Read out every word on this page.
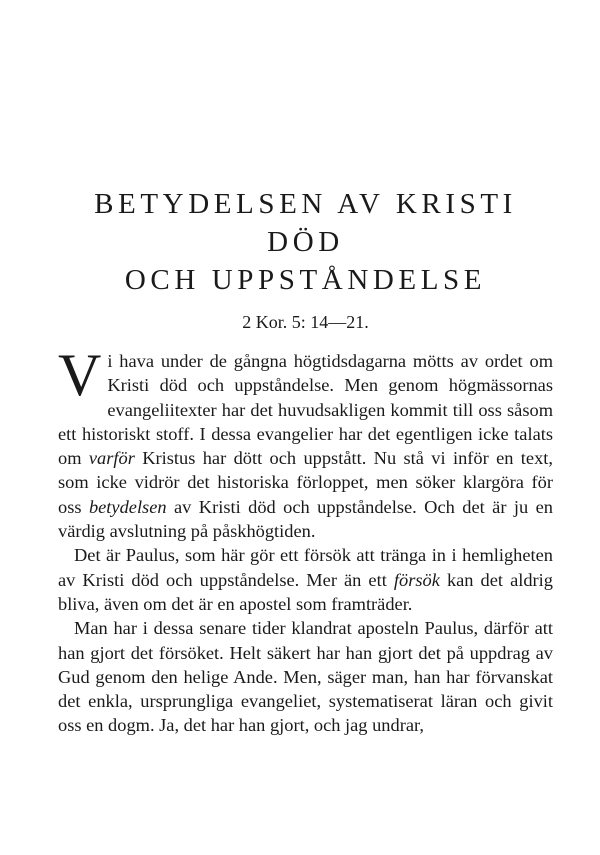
BETYDELSEN AV KRISTI DÖD
OCH UPPSTÅNDELSE
2 Kor. 5: 14—21.

Vi hava under de gångna högtidsdagarna mötts av ordet om Kristi död och uppståndelse. Men genom högmässornas evangeliitexter har det huvudsakligen kommit till oss såsom ett historiskt stoff. I dessa evangelier har det egentligen icke talats om varför Kristus har dött och uppstått. Nu stå vi inför en text, som icke vidrör det historiska förloppet, men söker klargöra för oss betydelsen av Kristi död och uppståndelse. Och det är ju en värdig avslutning på påskhögtiden.

Det är Paulus, som här gör ett försök att tränga in i hemligheten av Kristi död och uppståndelse. Mer än ett försök kan det aldrig bliva, även om det är en apostel som framträder.

Man har i dessa senare tider klandrat aposteln Paulus, därför att han gjort det försöket. Helt säkert har han gjort det på uppdrag av Gud genom den helige Ande. Men, säger man, han har förvanskat det enkla, ursprungliga evangeliet, systematiserat läran och givit oss en dogm. Ja, det har han gjort, och jag undrar,
